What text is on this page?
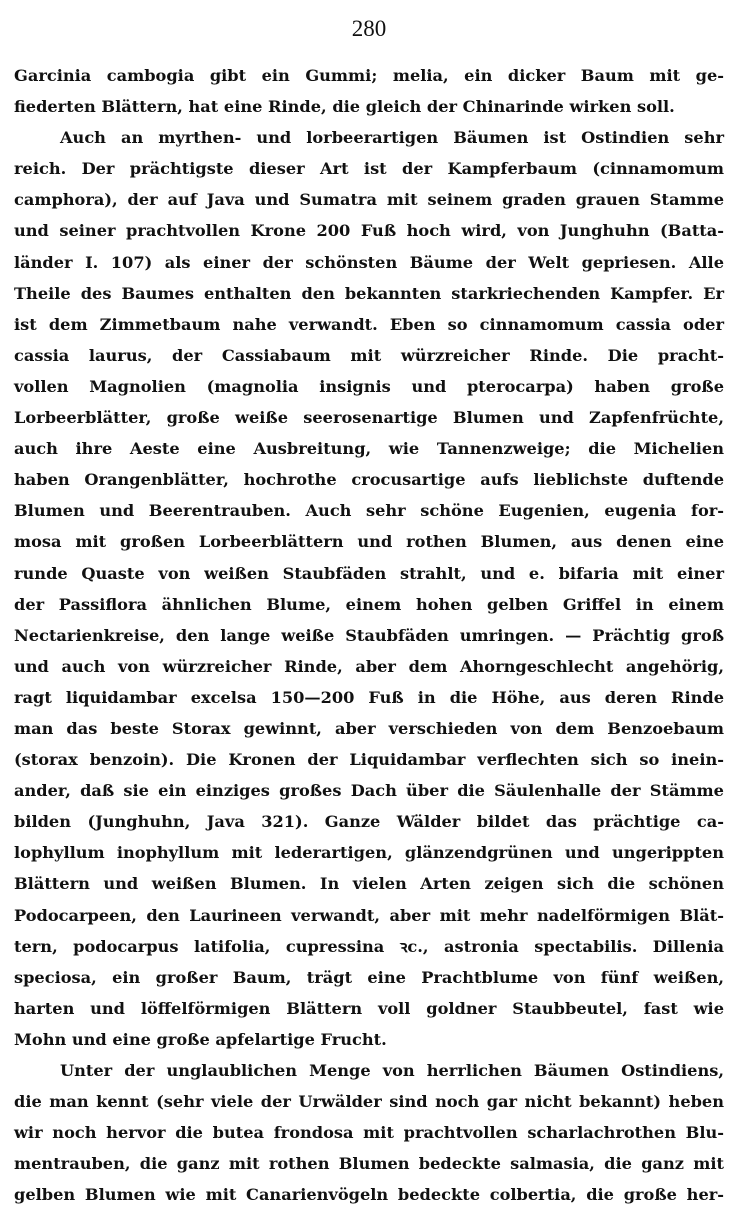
280
Garcinia cambogia gibt ein Gummi; melia, ein dicker Baum mit ge-
fiederten Blättern, hat eine Rinde, die gleich der Chinarinde wirken soll.
Auch an myrthen- und lorbeerartigen Bäumen ist Ostindien sehr
reich. Der prächtigste dieser Art ist der Kampferbaum (cinnamomum
camphora), der auf Java und Sumatra mit seinem graden grauen Stamme
und seiner prachtvollen Krone 200 Fuß hoch wird, von Junghuhn (Batta-
länder I. 107) als einer der schönsten Bäume der Welt gepriesen. Alle
Theile des Baumes enthalten den bekannten starkriechenden Kampfer. Er
ist dem Zimmetbaum nahe verwandt. Eben so cinnamomum cassia oder
cassia laurus, der Cassiabaum mit würzreicher Rinde. Die pracht-
vollen Magnolien (magnolia insignis und pterocarpa) haben große
Lorbeerblätter, große weiße seerosenartige Blumen und Zapfenfrüchte,
auch ihre Aeste eine Ausbreitung, wie Tannenzweige; die Michelien
haben Orangenblätter, hochrothe crocusartige aufs lieblichste duftende
Blumen und Beerentrauben. Auch sehr schöne Eugenien, eugenia for-
mosa mit großen Lorbeerblättern und rothen Blumen, aus denen eine
runde Quaste von weißen Staubfäden strahlt, und e. bifaria mit einer
der Passiflora ähnlichen Blume, einem hohen gelben Griffel in einem
Nectarienkreise, den lange weiße Staubfäden umringen. — Prächtig groß
und auch von würzreicher Rinde, aber dem Ahorngeschlecht angehörig,
ragt liquidambar excelsa 150—200 Fuß in die Höhe, aus deren Rinde
man das beste Storax gewinnt, aber verschieden von dem Benzoebaum
(storax benzoin). Die Kronen der Liquidambar verflechten sich so inein-
ander, daß sie ein einziges großes Dach über die Säulenhalle der Stämme
bilden (Junghuhn, Java 321). Ganze Wälder bildet das prächtige ca-
lophyllum inophyllum mit lederartigen, glänzendgrünen und ungerippten
Blättern und weißen Blumen. In vielen Arten zeigen sich die schönen
Podocarpeen, den Laurineen verwandt, aber mit mehr nadelförmigen Blät-
tern, podocarpus latifolia, cupressina ꝛc., astronia spectabilis. Dillenia
speciosa, ein großer Baum, trägt eine Prachtblume von fünf weißen,
harten und löffelförmigen Blättern voll goldner Staubbeutel, fast wie
Mohn und eine große apfelartige Frucht.
Unter der unglaublichen Menge von herrlichen Bäumen Ostindiens,
die man kennt (sehr viele der Urwälder sind noch gar nicht bekannt) heben
wir noch hervor die butea frondosa mit prachtvollen scharlachrothen Blu-
mentrauben, die ganz mit rothen Blumen bedeckte salmasia, die ganz mit
gelben Blumen wie mit Canarienvögeln bedeckte colbertia, die große her-
